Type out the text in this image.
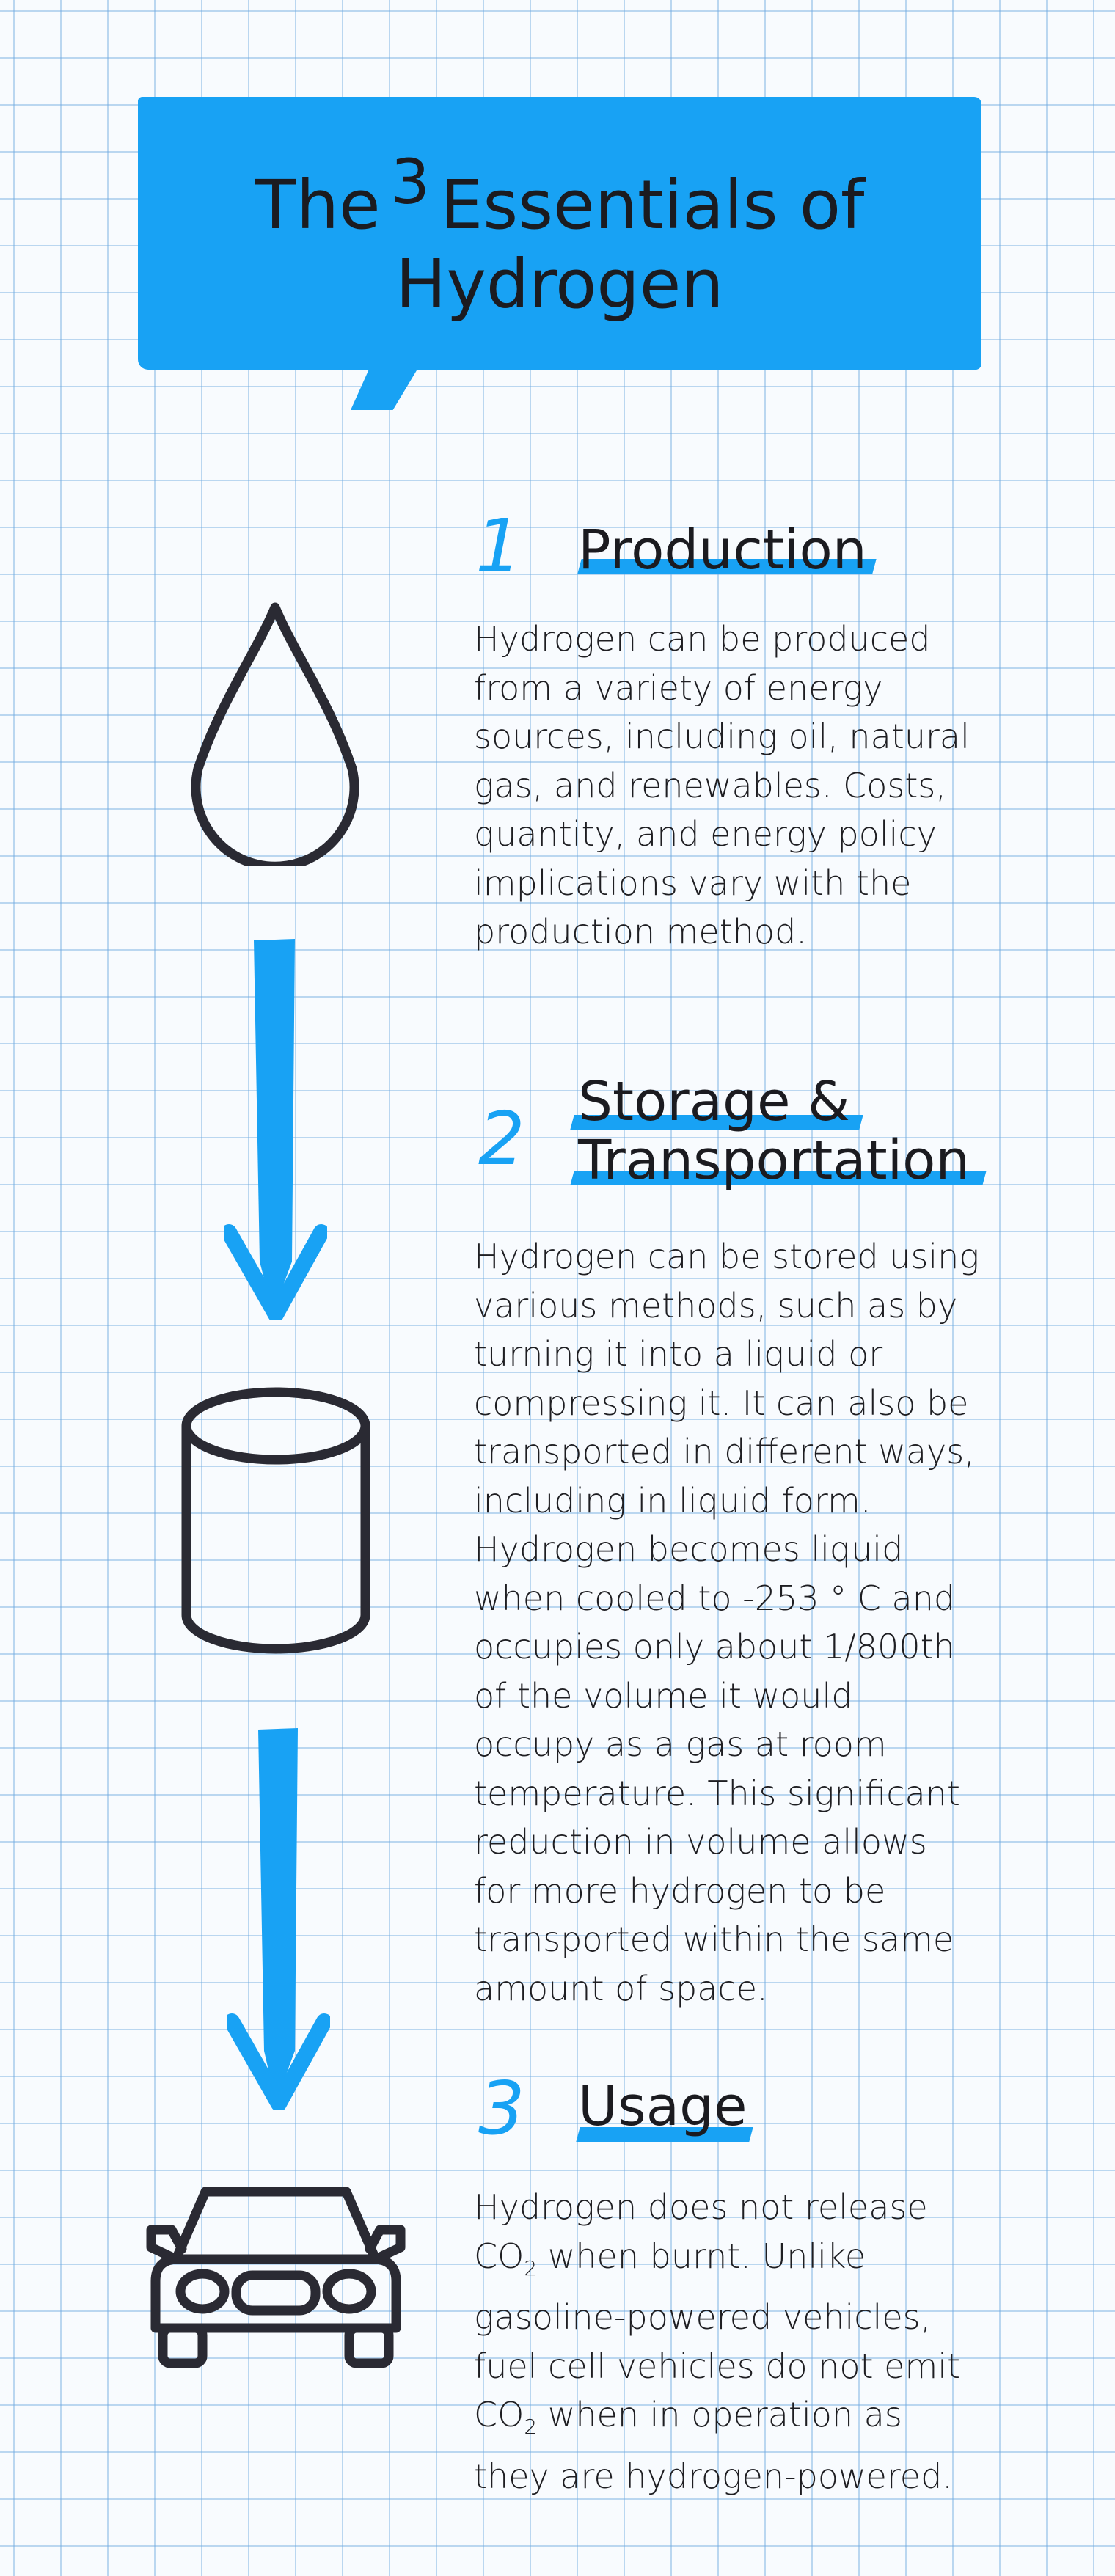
The $^3$ Essentials of
Hydrogen
1 Production

Hydrogen can be produced from a variety of energy sources, including oil, natural gas, and renewables. Costs, quantity, and energy policy implications vary with the production method.

2 Storage &
Transportation

Hydrogen can be stored using various methods, such as by turning it into a liquid or compressing it. It can also be transported in different ways, including in liquid form. Hydrogen becomes liquid when cooled to -253 ° C and occupies only about 1/800th of the volume it would occupy as a gas at room temperature. This significant reduction in volume allows for more hydrogen to be transported within the same amount of space.

3 Usage

Hydrogen does not release $CO_2$ when burnt. Unlike gasoline-powered vehicles, fuel cell vehicles do not emit $CO_2$ when in operation as they are hydrogen-powered.
